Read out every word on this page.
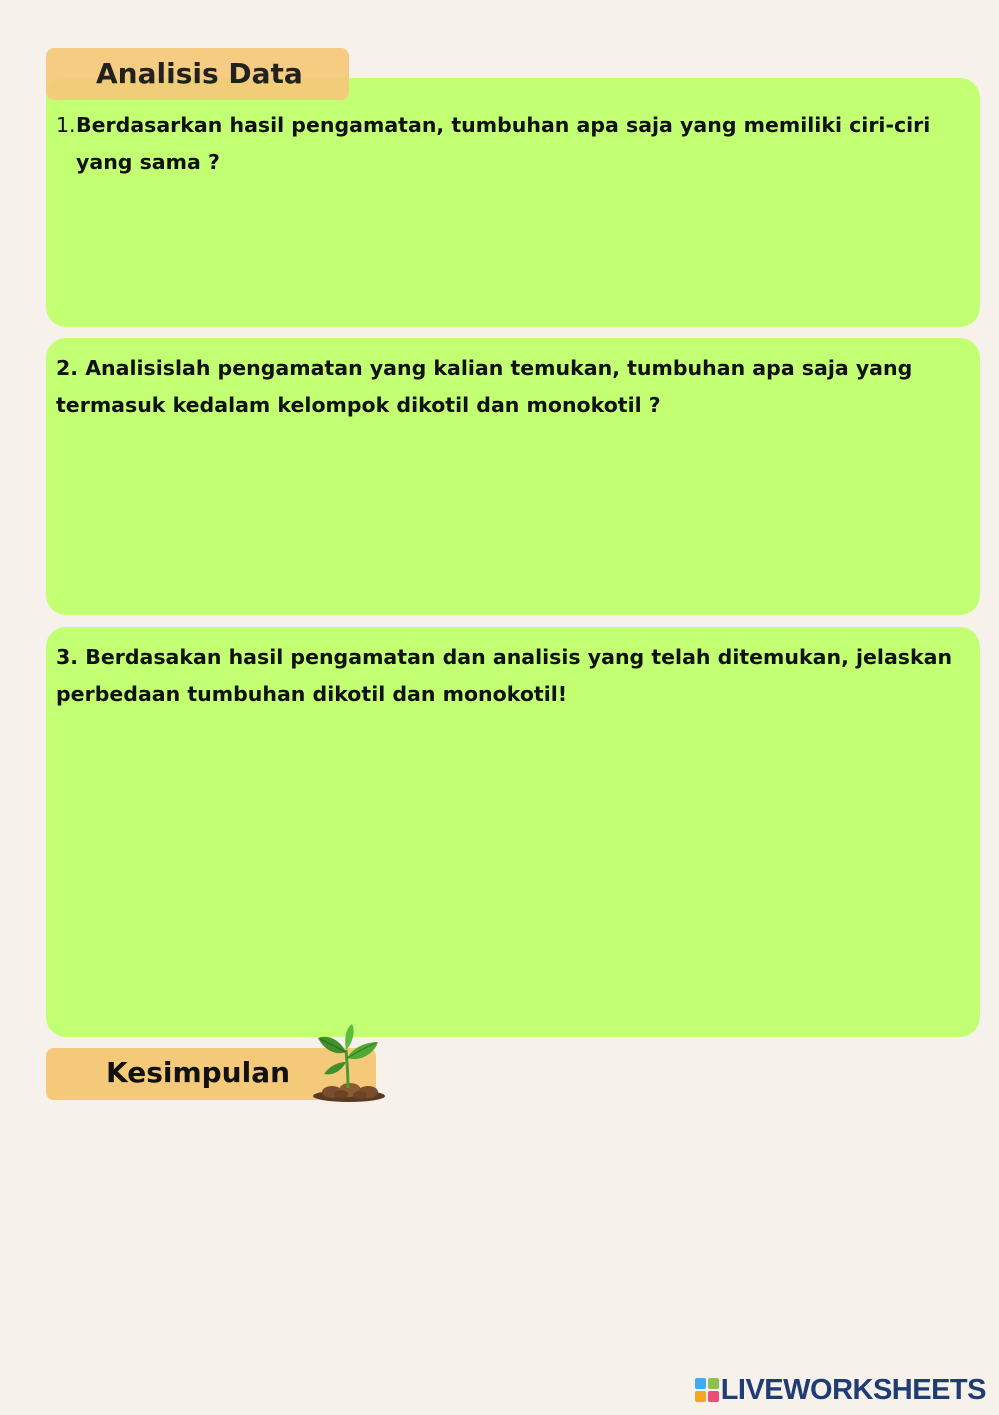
Analisis Data
1. Berdasarkan hasil pengamatan, tumbuhan apa saja yang memiliki ciri-ciri yang sama ?
2. Analisislah pengamatan yang kalian temukan, tumbuhan apa saja yang termasuk kedalam kelompok dikotil dan monokotil ?
3. Berdasakan hasil pengamatan dan analisis yang telah ditemukan, jelaskan perbedaan tumbuhan dikotil dan monokotil!
Kesimpulan
LIVEWORKSHEETS
